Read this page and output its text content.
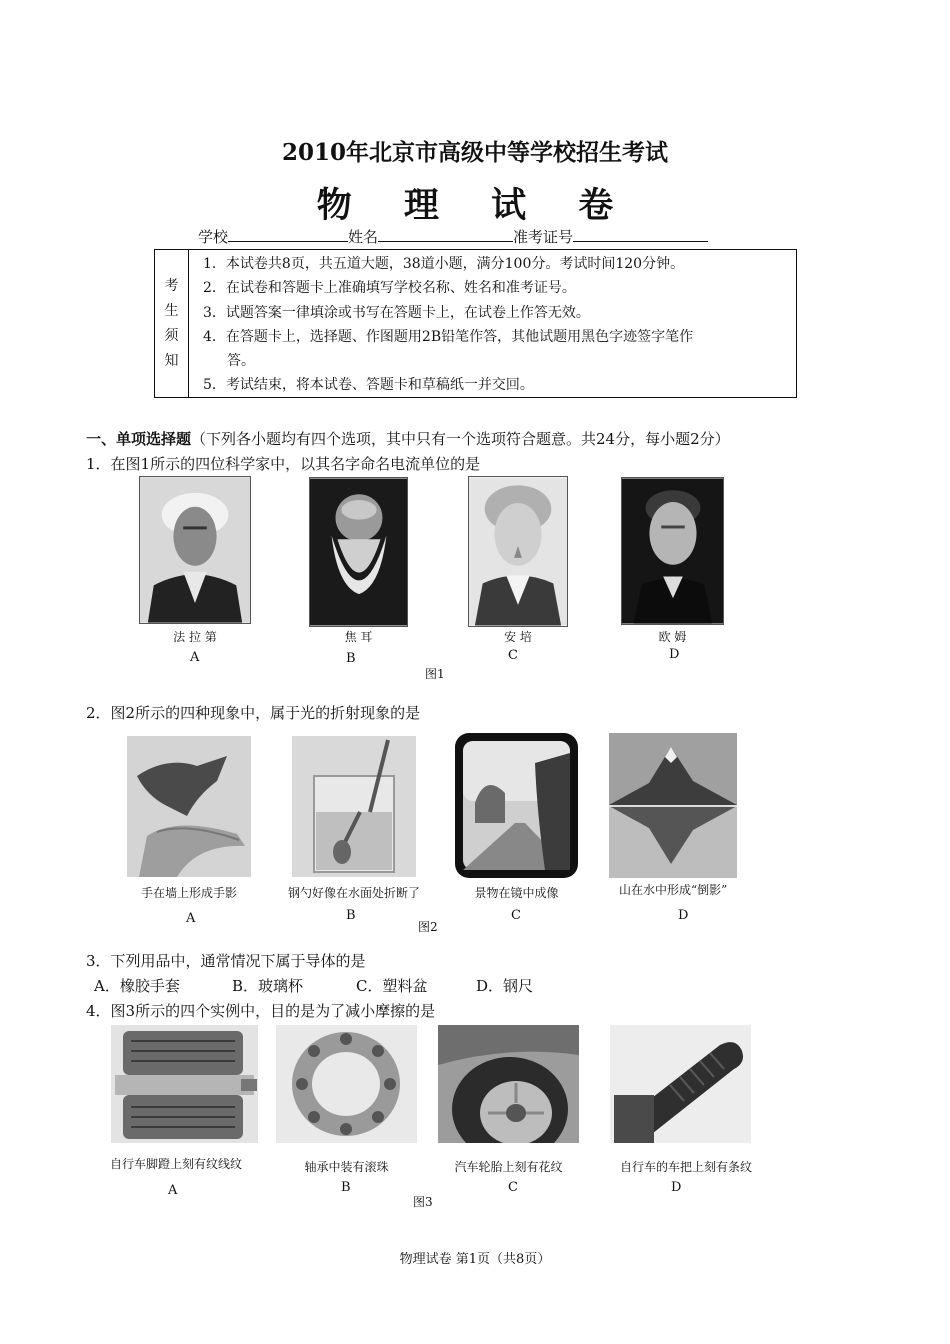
2010年北京市高级中等学校招生考试
物 理 试 卷
学校	姓名	准考证号
考
生
须
知
1．本试卷共8页，共五道大题，38道小题，满分100分。考试时间120分钟。
2．在试卷和答题卡上准确填写学校名称、姓名和准考证号。
3．试题答案一律填涂或书写在答题卡上，在试卷上作答无效。
4．在答题卡上，选择题、作图题用2B铅笔作答，其他试题用黑色字迹签字笔作
答。
5．考试结束，将本试卷、答题卡和草稿纸一并交回。
一、单项选择题（下列各小题均有四个选项，其中只有一个选项符合题意。共24分，每小题2分）
1．在图1所示的四位科学家中，以其名字命名电流单位的是
法 拉 第	焦 耳	安 培	欧 姆
A	B	C	D
图1
2．图2所示的四种现象中，属于光的折射现象的是
手在墙上形成手影	钢勺好像在水面处折断了	景物在镜中成像	山在水中形成“倒影”
A	B	C	D
图2
3．下列用品中，通常情况下属于导体的是
A．橡胶手套	B．玻璃杯	C．塑料盆	D．钢尺
4．图3所示的四个实例中，目的是为了减小摩擦的是
自行车脚蹬上刻有纹线纹	轴承中装有滚珠	汽车轮胎上刻有花纹	自行车的车把上刻有条纹
A	B	C	D
图3
物理试卷 第1页（共8页）
